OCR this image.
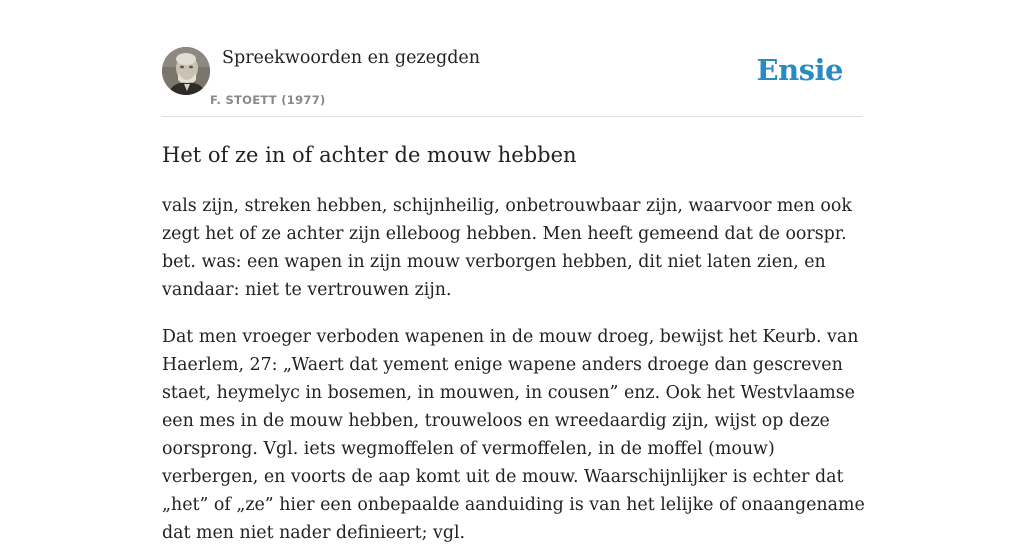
Spreekwoorden en gezegden
F. STOETT (1977)
Ensie
Het of ze in of achter de mouw hebben

vals zijn, streken hebben, schijnheilig, onbetrouwbaar zijn, waarvoor men ook zegt het of ze achter zijn elleboog hebben. Men heeft gemeend dat de oorspr. bet. was: een wapen in zijn mouw verborgen hebben, dit niet laten zien, en vandaar: niet te vertrouwen zijn.

Dat men vroeger verboden wapenen in de mouw droeg, bewijst het Keurb. van Haerlem, 27: „Waert dat yement enige wapene anders droege dan gescreven staet, heymelyc in bosemen, in mouwen, in cousen” enz. Ook het Westvlaamse een mes in de mouw hebben, trouweloos en wreedaardig zijn, wijst op deze oorsprong. Vgl. iets wegmoffelen of vermoffelen, in de moffel (mouw) verbergen, en voorts de aap komt uit de mouw. Waarschijnlijker is echter dat „het” of „ze” hier een onbepaalde aanduiding is van het lelijke of onaangename dat men niet nader definieert; vgl.
